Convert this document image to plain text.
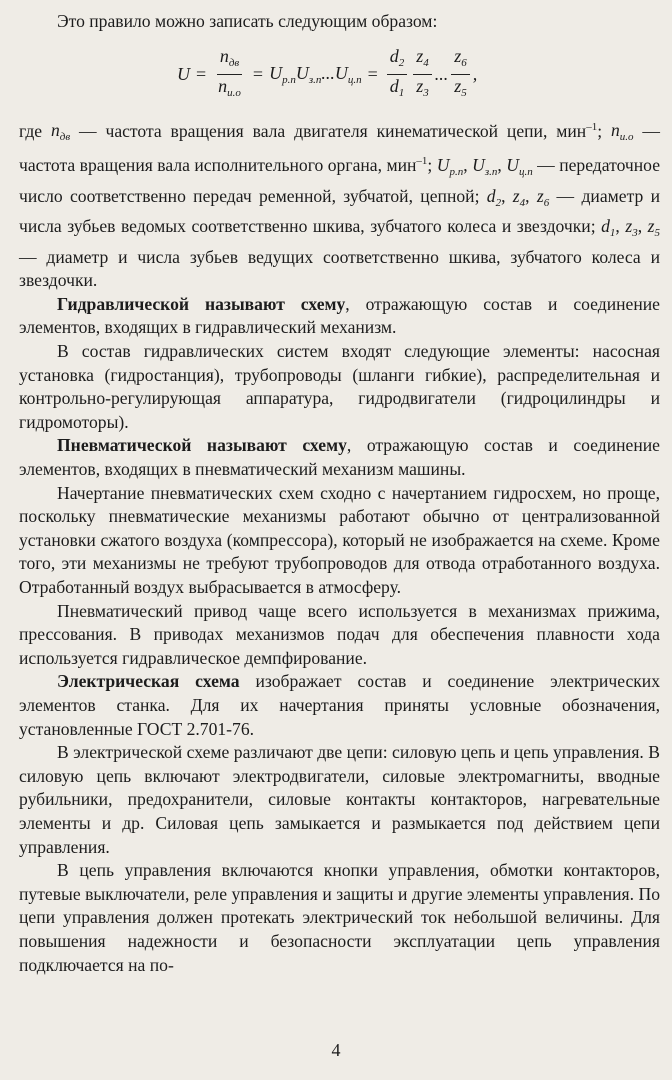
Это правило можно записать следующим образом:

$U = \frac{n_{дв}}{n_{и.о}} = U_{р.п}U_{з.п}...U_{ц.п} = \frac{d_2}{d_1} \frac{z_4}{z_3}$ ... $\frac{z_6}{z_5}$ ,

где $n_{дв}$ — частота вращения вала двигателя кинематической цепи, мин$^{-1}$; $n_{и.о}$ — частота вращения вала исполнительного органа, мин$^{-1}$; $U_{р.п}$, $U_{з.п}$, $U_{ц.п}$ — передаточное число соответственно передач ременной, зубчатой, цепной; $d_2$, $z_4$, $z_6$ — диаметр и числа зубьев ведомых соответственно шкива, зубчатого колеса и звездочки; $d_1$, $z_3$, $z_5$ — диаметр и числа зубьев ведущих соответственно шкива, зубчатого колеса и звездочки.

Гидравлической называют схему, отражающую состав и соединение элементов, входящих в гидравлический механизм.

В состав гидравлических систем входят следующие элементы: насосная установка (гидростанция), трубопроводы (шланги гибкие), распределительная и контрольно-регулирующая аппаратура, гидродвигатели (гидроцилиндры и гидромоторы).

Пневматической называют схему, отражающую состав и соединение элементов, входящих в пневматический механизм машины.

Начертание пневматических схем сходно с начертанием гидросхем, но проще, поскольку пневматические механизмы работают обычно от централизованной установки сжатого воздуха (компрессора), который не изображается на схеме. Кроме того, эти механизмы не требуют трубопроводов для отвода отработанного воздуха. Отработанный воздух выбрасывается в атмосферу.

Пневматический привод чаще всего используется в механизмах прижима, прессования. В приводах механизмов подач для обеспечения плавности хода используется гидравлическое демпфирование.

Электрическая схема изображает состав и соединение электрических элементов станка. Для их начертания приняты условные обозначения, установленные ГОСТ 2.701-76.

В электрической схеме различают две цепи: силовую цепь и цепь управления. В силовую цепь включают электродвигатели, силовые электромагниты, вводные рубильники, предохранители, силовые контакты контакторов, нагревательные элементы и др. Силовая цепь замыкается и размыкается под действием цепи управления.

В цепь управления включаются кнопки управления, обмотки контакторов, путевые выключатели, реле управления и защиты и другие элементы управления. По цепи управления должен протекать электрический ток небольшой величины. Для повышения надежности и безопасности эксплуатации цепь управления подключается на по-

4
